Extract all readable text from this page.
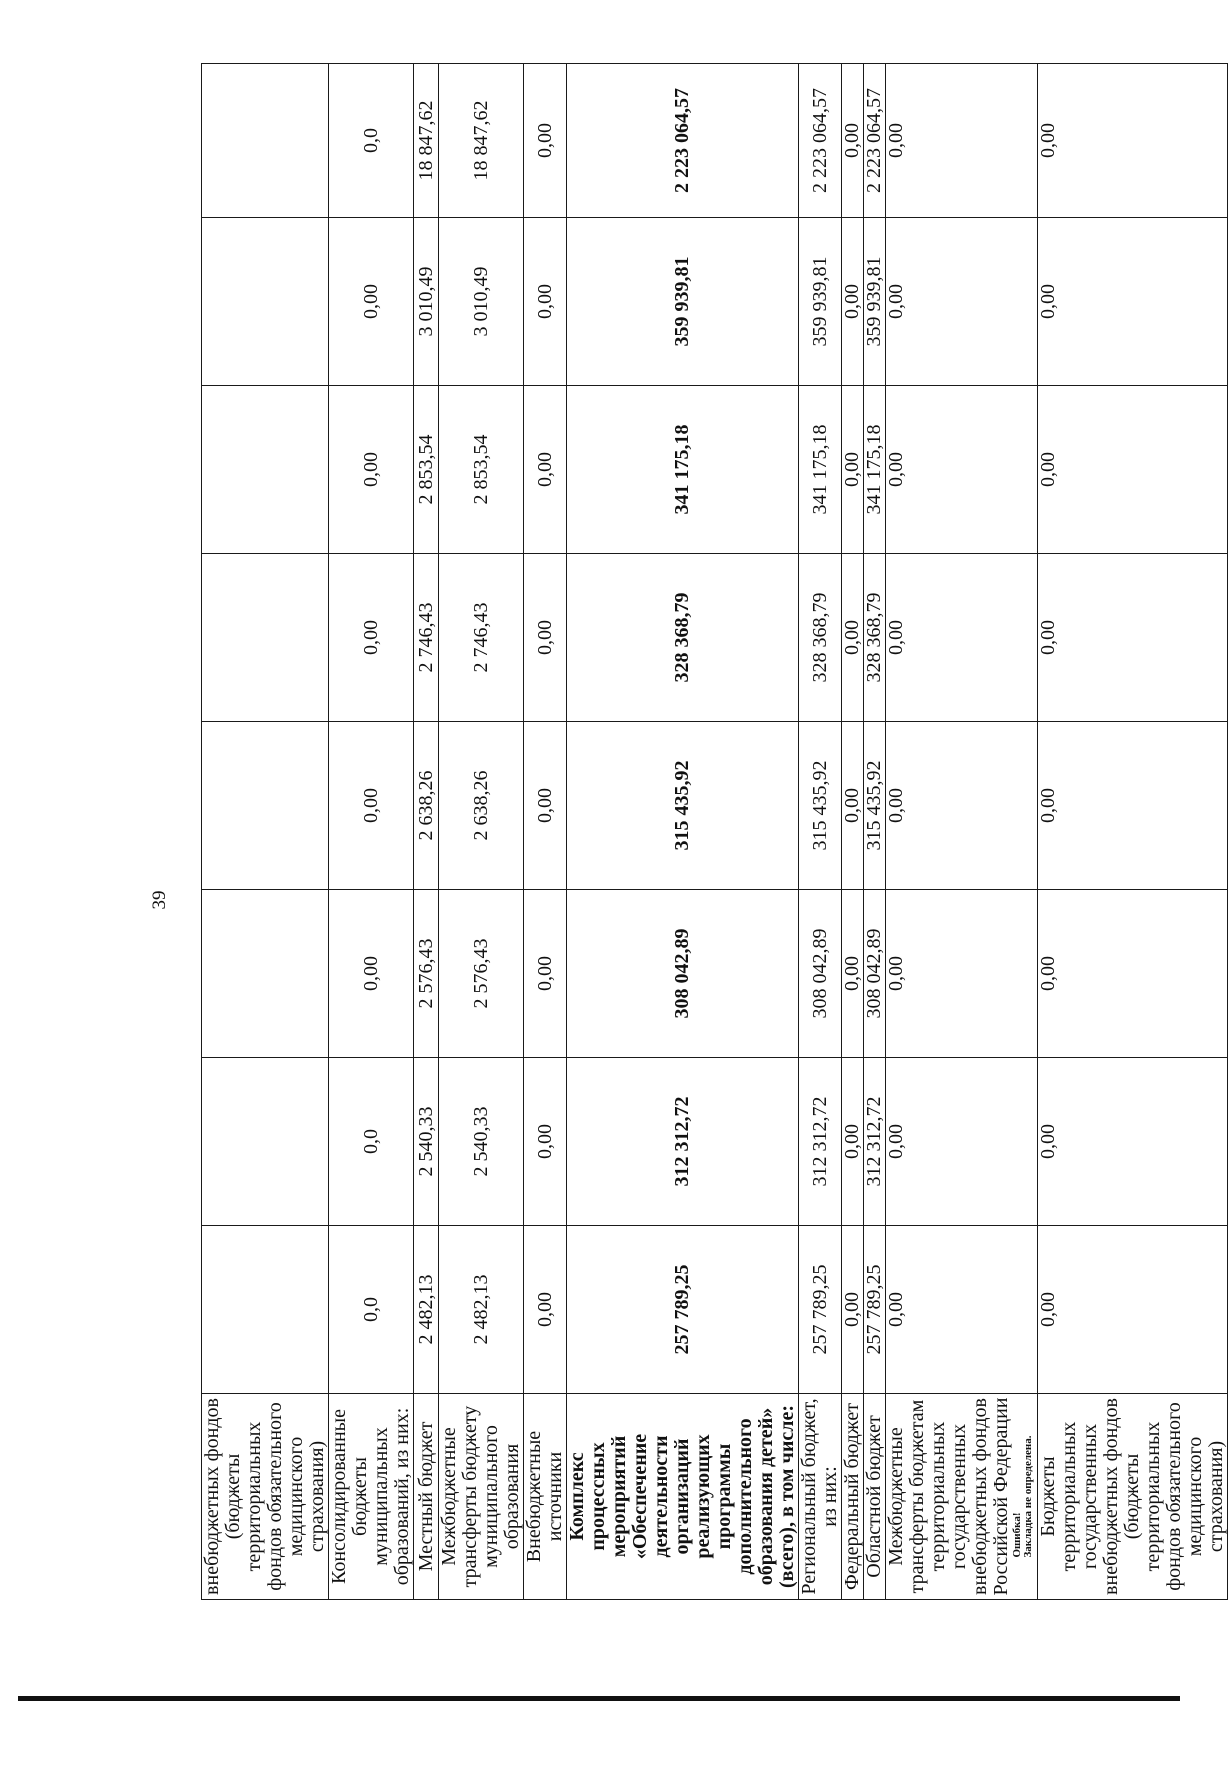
39
внебюджетных фондов (бюджеты территориальных фондов обязательного медицинского страхования)								
Консолидированные бюджеты муниципальных образований, из них:	0,0	0,0	0,00	0,00	0,00	0,00	0,00	0,0
Местный бюджет	2 482,13	2 540,33	2 576,43	2 638,26	2 746,43	2 853,54	3 010,49	18 847,62
Межбюджетные трансферты бюджету муниципального образования	2 482,13	2 540,33	2 576,43	2 638,26	2 746,43	2 853,54	3 010,49	18 847,62
Внебюджетные источники	0,00	0,00	0,00	0,00	0,00	0,00	0,00	0,00
Комплекс процессных мероприятий «Обеспечение деятельности организаций реализующих программы дополнительного образования детей» (всего), в том числе:	257 789,25	312 312,72	308 042,89	315 435,92	328 368,79	341 175,18	359 939,81	2 223 064,57
Региональный бюджет, из них:	257 789,25	312 312,72	308 042,89	315 435,92	328 368,79	341 175,18	359 939,81	2 223 064,57
Федеральный бюджет	0,00	0,00	0,00	0,00	0,00	0,00	0,00	0,00
Областной бюджет	257 789,25	312 312,72	308 042,89	315 435,92	328 368,79	341 175,18	359 939,81	2 223 064,57
Межбюджетные трансферты бюджетам территориальных государственных внебюджетных фондов Российской Федерации Ошибка! Закладка не определена.	0,00	0,00	0,00	0,00	0,00	0,00	0,00	0,00
Бюджеты территориальных государственных внебюджетных фондов (бюджеты территориальных фондов обязательного медицинского страхования)	0,00	0,00	0,00	0,00	0,00	0,00	0,00	0,00
